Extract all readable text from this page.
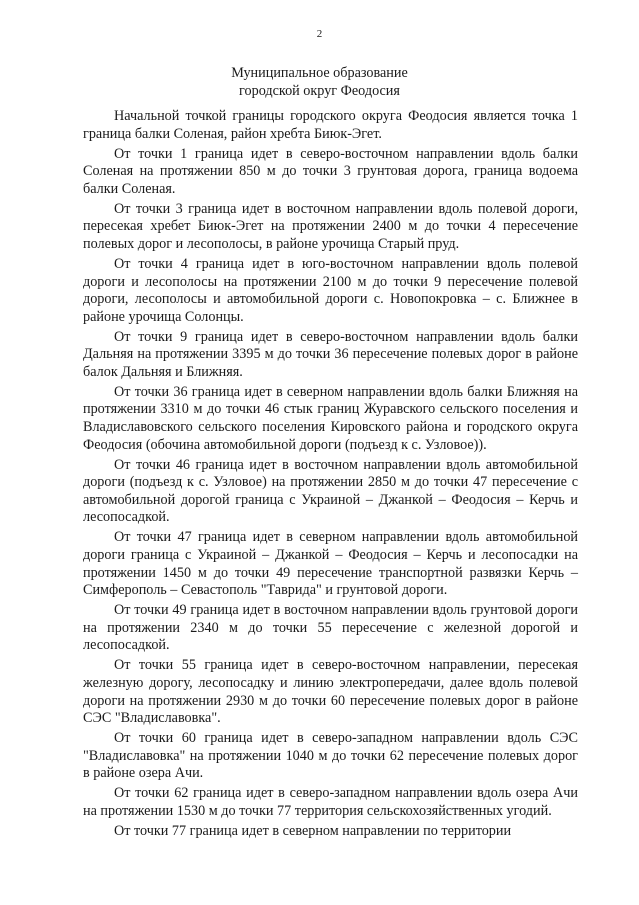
2
Муниципальное образование
городской округ Феодосия

Начальной точкой границы городского округа Феодосия является точка 1 граница балки Соленая, район хребта Биюк-Эгет.

От точки 1 граница идет в северо-восточном направлении вдоль балки Соленая на протяжении 850 м до точки 3 грунтовая дорога, граница водоема балки Соленая.

От точки 3 граница идет в восточном направлении вдоль полевой дороги, пересекая хребет Биюк-Эгет на протяжении 2400 м до точки 4 пересечение полевых дорог и лесополосы, в районе урочища Старый пруд.

От точки 4 граница идет в юго-восточном направлении вдоль полевой дороги и лесополосы на протяжении 2100 м до точки 9 пересечение полевой дороги, лесополосы и автомобильной дороги с. Новопокровка – с. Ближнее в районе урочища Солонцы.

От точки 9 граница идет в северо-восточном направлении вдоль балки Дальняя на протяжении 3395 м до точки 36 пересечение полевых дорог в районе балок Дальняя и Ближняя.

От точки 36 граница идет в северном направлении вдоль балки Ближняя на протяжении 3310 м до точки 46 стык границ Журавского сельского поселения и Владиславовского сельского поселения Кировского района и городского округа Феодосия (обочина автомобильной дороги (подъезд к с. Узловое)).

От точки 46 граница идет в восточном направлении вдоль автомобильной дороги (подъезд к с. Узловое) на протяжении 2850 м до точки 47 пересечение с автомобильной дорогой граница с Украиной – Джанкой – Феодосия – Керчь и лесопосадкой.

От точки 47 граница идет в северном направлении вдоль автомобильной дороги граница с Украиной – Джанкой – Феодосия – Керчь и лесопосадки на протяжении 1450 м до точки 49 пересечение транспортной развязки Керчь – Симферополь – Севастополь "Таврида" и грунтовой дороги.

От точки 49 граница идет в восточном направлении вдоль грунтовой дороги на протяжении 2340 м до точки 55 пересечение с железной дорогой и лесопосадкой.

От точки 55 граница идет в северо-восточном направлении, пересекая железную дорогу, лесопосадку и линию электропередачи, далее вдоль полевой дороги на протяжении 2930 м до точки 60 пересечение полевых дорог в районе СЭС "Владиславовка".

От точки 60 граница идет в северо-западном направлении вдоль СЭС "Владиславовка" на протяжении 1040 м до точки 62 пересечение полевых дорог в районе озера Ачи.

От точки 62 граница идет в северо-западном направлении вдоль озера Ачи на протяжении 1530 м до точки 77 территория сельскохозяйственных угодий.

От точки 77 граница идет в северном направлении по территории
